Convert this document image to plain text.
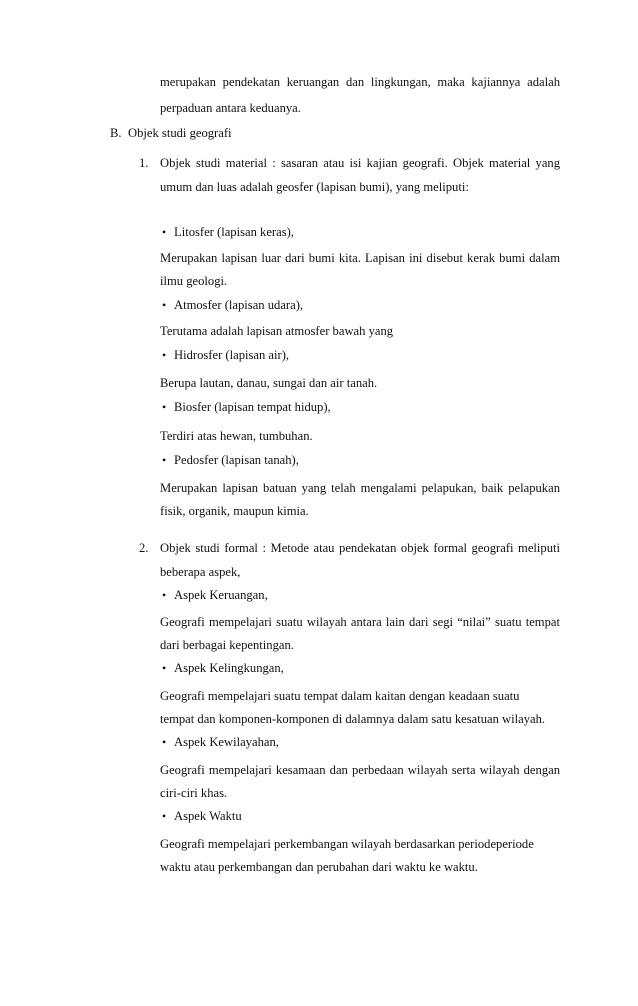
merupakan pendekatan keruangan dan lingkungan, maka kajiannya adalah
perpaduan antara keduanya.
B. Objek studi geografi
1. Objek studi material : sasaran atau isi kajian geografi. Objek material yang
umum dan luas adalah geosfer (lapisan bumi), yang meliputi:
• Litosfer (lapisan keras),
Merupakan lapisan luar dari bumi kita. Lapisan ini disebut kerak bumi dalam
ilmu geologi.
• Atmosfer (lapisan udara),
Terutama adalah lapisan atmosfer bawah yang
• Hidrosfer (lapisan air),
Berupa lautan, danau, sungai dan air tanah.
• Biosfer (lapisan tempat hidup),
Terdiri atas hewan, tumbuhan.
• Pedosfer (lapisan tanah),
Merupakan lapisan batuan yang telah mengalami pelapukan, baik pelapukan
fisik, organik, maupun kimia.
2. Objek studi formal : Metode atau pendekatan objek formal geografi meliputi
beberapa aspek,
• Aspek Keruangan,
Geografi mempelajari suatu wilayah antara lain dari segi “nilai” suatu tempat
dari berbagai kepentingan.
• Aspek Kelingkungan,
Geografi mempelajari suatu tempat dalam kaitan dengan keadaan suatu
tempat dan komponen-komponen di dalamnya dalam satu kesatuan wilayah.
• Aspek Kewilayahan,
Geografi mempelajari kesamaan dan perbedaan wilayah serta wilayah dengan
ciri-ciri khas.
• Aspek Waktu
Geografi mempelajari perkembangan wilayah berdasarkan periodeperiode
waktu atau perkembangan dan perubahan dari waktu ke waktu.
